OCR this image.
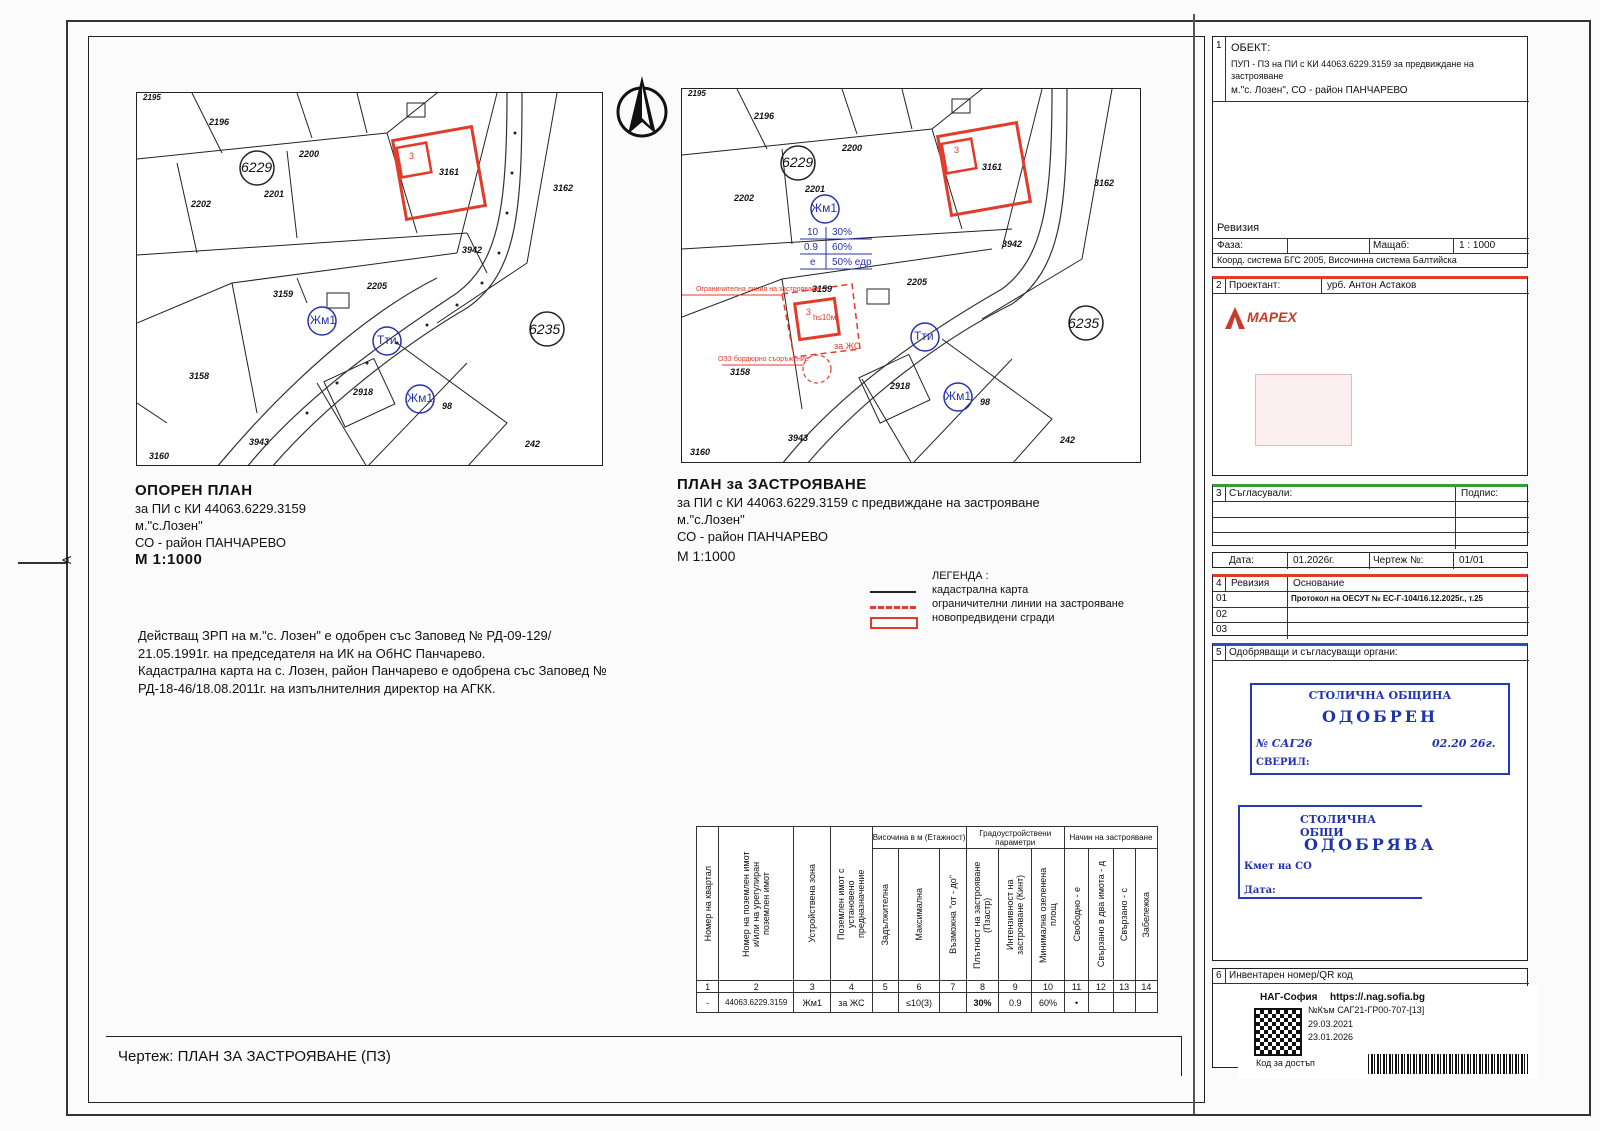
A
2195
2196
2200
6229
2201
2202
3
3161
3162
3942
2205
3159
Жм1
Тти
6235
3158
2918	Жм1
98
242
3943
3160
2195
2196
2200
6229
2201
2202
Жм1
10 30%
0.9 60%
е 50% едр
3
3161
3162
3942
2205
3159
Ограничителна линия на застрояване
3
h≤10м
за ЖС
ОЗЗ бордюрно съоръжение
3158
Тти
6235
2918
Жм1 98
242
3943
3160
ОПОРЕН ПЛАН
за ПИ с КИ 44063.6229.3159
м."с.Лозен"
СО - район ПАНЧАРЕВО
М 1:1000
Действащ ЗРП на м."с. Лозен" е одобрен със Заповед № РД-09-129/ 21.05.1991г. на председателя на ИК на ОбНС Панчарево.
Кадастрална карта на с. Лозен, район Панчарево е одобрена със Заповед № РД-18-46/18.08.2011г. на изпълнителния директор на АГКК.
ПЛАН за ЗАСТРОЯВАНЕ
за ПИ с КИ 44063.6229.3159 с предвиждане на застрояване
м."с.Лозен"
СО - район ПАНЧАРЕВО
М 1:1000
ЛЕГЕНДА :
кадастрална карта
ограничителни линии на застрояване
новопредвидени сгради
Номер на квартал	Номер на поземлен имот и/или на урегулиран поземлен имот	Устройствена зона	Поземлен имот с установено предназначение	Височина в м (Етажност)			Градоустройствени параметри			Начин на застрояване			

				Задължителна	Максимална	Възможна "от - до"	Плътност на застрояване (Пзастр)	Интензивност на застрояване (Кинт)	Минимална озеленена площ	Свободно - е	Свързано в два имота - д	Свързано - с	Забележка

1	2	3	4	5	6	7	8	9	10	11	12	13	14
-	44063.6229.3159	Жм1	за ЖС		≤10(3)		30%	0.9	60%	•			
Чертеж: ПЛАН ЗА ЗАСТРОЯВАНЕ (ПЗ)
1 ОБЕКТ:
ПУП - ПЗ на ПИ с КИ 44063.6229.3159 за предвиждане на
застрояване
м."с. Лозен", СО - район ПАНЧАРЕВО
Ревизия
Фаза:	Мащаб:	1 : 1000
Коорд. система БГС 2005, Височинна система Балтийска
2 Проектант:	урб. Антон Астаков
MAPEX
3 Съгласували:	Подпис:
Дата:	01.2026г.	Чертеж №:	01/01
4 Ревизия Основание
01	Протокол на ОЕСУТ № ЕС-Г-104/16.12.2025г., т.25
02
03
5 Одобряващи и съгласуващи органи:
СТОЛИЧНА ОБЩИНА
ОДОБРЕН
№ САГ26	02.20 26г.
СВЕРИЛ:
СТОЛИЧНА ОБЩИ
ОДОБРЯВА
Кмет на СО
Дата:
6 Инвентарен номер/QR код
НАГ-София https://.nag.sofia.bg
№Към САГ21-ГР00-707-[13]
29.03.2021
23.01.2026
Код за достъп
